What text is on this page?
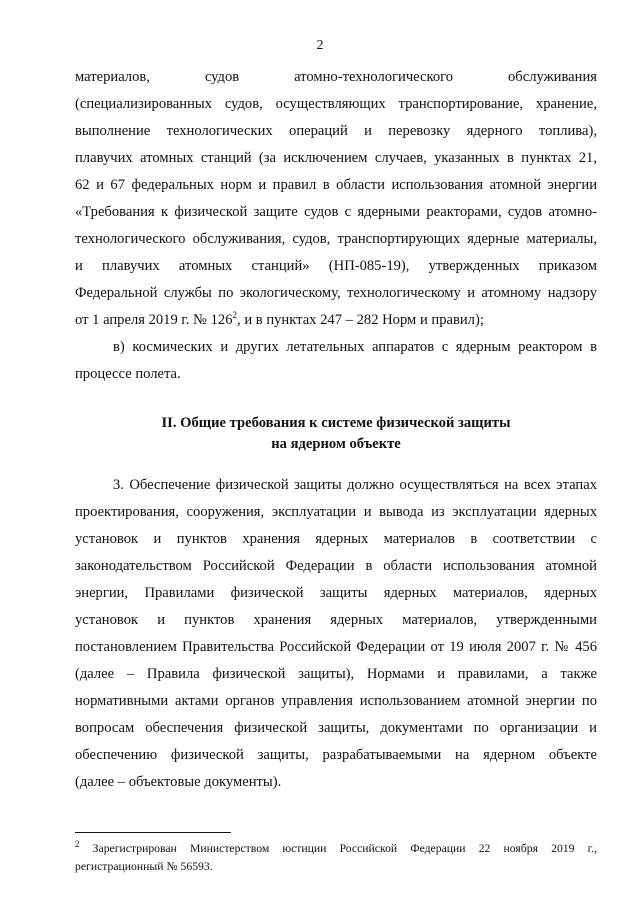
2
материалов, судов атомно-технологического обслуживания
(специализированных судов, осуществляющих транспортирование, хранение,
выполнение технологических операций и перевозку ядерного топлива),
плавучих атомных станций (за исключением случаев, указанных в пунктах 21,
62 и 67 федеральных норм и правил в области использования атомной энергии
«Требования к физической защите судов с ядерными реакторами, судов атомно-
технологического обслуживания, судов, транспортирующих ядерные материалы,
и плавучих атомных станций» (НП-085-19), утвержденных приказом
Федеральной службы по экологическому, технологическому и атомному надзору
от 1 апреля 2019 г. № $126^2$, и в пунктах 247 – 282 Норм и правил);
в) космических и других летательных аппаратов с ядерным реактором в
процессе полета.
II. Общие требования к системе физической защиты
на ядерном объекте
3. Обеспечение физической защиты должно осуществляться на всех этапах
проектирования, сооружения, эксплуатации и вывода из эксплуатации ядерных
установок и пунктов хранения ядерных материалов в соответствии с
законодательством Российской Федерации в области использования атомной
энергии, Правилами физической защиты ядерных материалов, ядерных
установок и пунктов хранения ядерных материалов, утвержденными
постановлением Правительства Российской Федерации от 19 июля 2007 г. № 456
(далее – Правила физической защиты), Нормами и правилами, а также
нормативными актами органов управления использованием атомной энергии по
вопросам обеспечения физической защиты, документами по организации и
обеспечению физической защиты, разрабатываемыми на ядерном объекте
(далее – объектовые документы).
$^2$ Зарегистрирован Министерством юстиции Российской Федерации 22 ноября 2019 г.,
регистрационный № 56593.
